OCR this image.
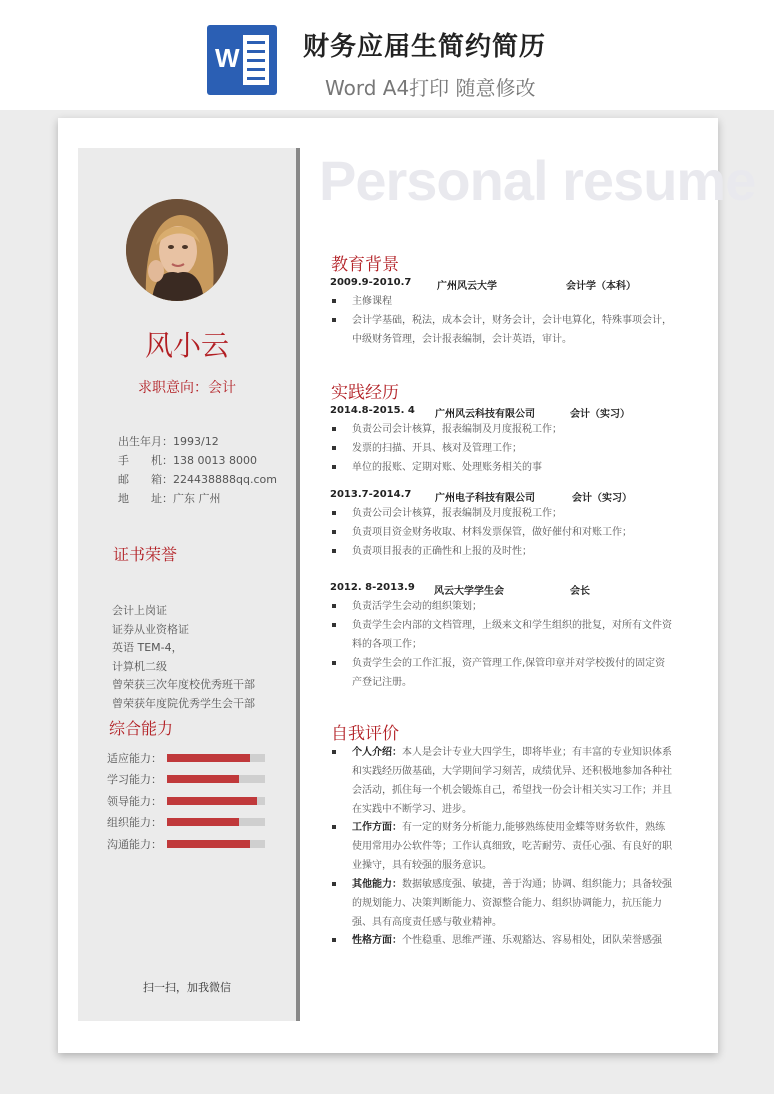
W 财务应届生简约简历
Word A4打印 随意修改
风小云
求职意向：会计
出生年月：1993/12
手　　机：138 0013 8000
邮　　箱：224438888qq.com
地　　址：广东 广州
证书荣誉
会计上岗证
证券从业资格证
英语 TEM-4，
计算机二级
曾荣获三次年度校优秀班干部
曾荣获年度院优秀学生会干部
综合能力
适应能力：
学习能力：
领导能力：
组织能力：
沟通能力：
扫一扫，加我微信
Personal resume
教育背景
2009.9-2010.7	广州风云大学	会计学（本科）
主修课程
会计学基础，税法，成本会计，财务会计，会计电算化，特殊事项会计，中级财务管理，会计报表编制，会计英语，审计。
实践经历
2014.8-2015. 4 广州风云科技有限公司	会计（实习）
负责公司会计核算，报表编制及月度报税工作；
发票的扫描、开具、核对及管理工作；
单位的报账、定期对账、处理账务相关的事
2013.7-2014.7 广州电子科技有限公司	会计（实习）
负责公司会计核算，报表编制及月度报税工作；
负责项目资金财务收取、材料发票保管，做好催付和对账工作；
负责项目报表的正确性和上报的及时性；
2012. 8-2013.9 风云大学学生会	会长
负责活学生会动的组织策划；
负责学生会内部的文档管理，上级来文和学生组织的批复，对所有文件资料的各项工作；
负责学生会的工作汇报，资产管理工作,保管印章并对学校拨付的固定资产登记注册。
自我评价
个人介绍：本人是会计专业大四学生，即将毕业；有丰富的专业知识体系和实践经历做基础，大学期间学习刻苦，成绩优异、还积极地参加各种社会活动，抓住每一个机会锻炼自己，希望找一份会计相关实习工作；并且在实践中不断学习、进步。
工作方面：有一定的财务分析能力,能够熟练使用金蝶等财务软件，熟练使用常用办公软件等；工作认真细致，吃苦耐劳、责任心强、有良好的职业操守，具有较强的服务意识。
其他能力：数据敏感度强、敏捷，善于沟通；协调、组织能力；具备较强的规划能力、决策判断能力、资源整合能力、组织协调能力，抗压能力强、具有高度责任感与敬业精神。
性格方面：个性稳重、思维严谨、乐观豁达、容易相处，团队荣誉感强
